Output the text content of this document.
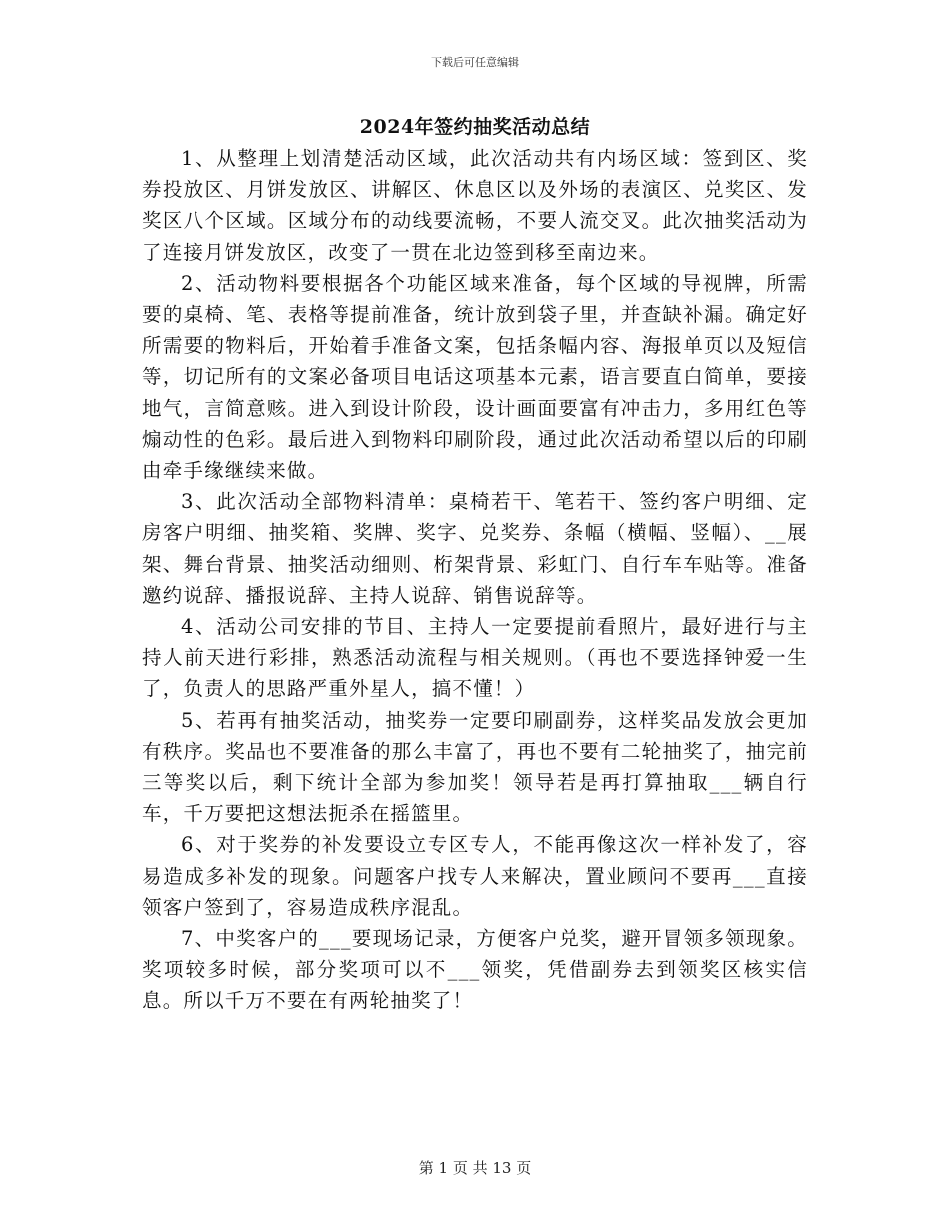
下载后可任意编辑
2024年签约抽奖活动总结

1、从整理上划清楚活动区域，此次活动共有内场区域：签到区、奖券投放区、月饼发放区、讲解区、休息区以及外场的表演区、兑奖区、发奖区八个区域。区域分布的动线要流畅，不要人流交叉。此次抽奖活动为了连接月饼发放区，改变了一贯在北边签到移至南边来。

2、活动物料要根据各个功能区域来准备，每个区域的导视牌，所需要的桌椅、笔、表格等提前准备，统计放到袋子里，并查缺补漏。确定好所需要的物料后，开始着手准备文案，包括条幅内容、海报单页以及短信等，切记所有的文案必备项目电话这项基本元素，语言要直白简单，要接地气，言简意赅。进入到设计阶段，设计画面要富有冲击力，多用红色等煽动性的色彩。最后进入到物料印刷阶段，通过此次活动希望以后的印刷由牵手缘继续来做。

3、此次活动全部物料清单：桌椅若干、笔若干、签约客户明细、定房客户明细、抽奖箱、奖牌、奖字、兑奖券、条幅（横幅、竖幅）、__展架、舞台背景、抽奖活动细则、桁架背景、彩虹门、自行车车贴等。准备邀约说辞、播报说辞、主持人说辞、销售说辞等。

4、活动公司安排的节目、主持人一定要提前看照片，最好进行与主持人前天进行彩排，熟悉活动流程与相关规则。（再也不要选择钟爱一生了，负责人的思路严重外星人，搞不懂！）

5、若再有抽奖活动，抽奖券一定要印刷副券，这样奖品发放会更加有秩序。奖品也不要准备的那么丰富了，再也不要有二轮抽奖了，抽完前三等奖以后，剩下统计全部为参加奖！领导若是再打算抽取___辆自行车，千万要把这想法扼杀在摇篮里。

6、对于奖券的补发要设立专区专人，不能再像这次一样补发了，容易造成多补发的现象。问题客户找专人来解决，置业顾问不要再___直接领客户签到了，容易造成秩序混乱。

7、中奖客户的___要现场记录，方便客户兑奖，避开冒领多领现象。奖项较多时候，部分奖项可以不___领奖，凭借副券去到领奖区核实信息。所以千万不要在有两轮抽奖了！

第 1 页 共 13 页
